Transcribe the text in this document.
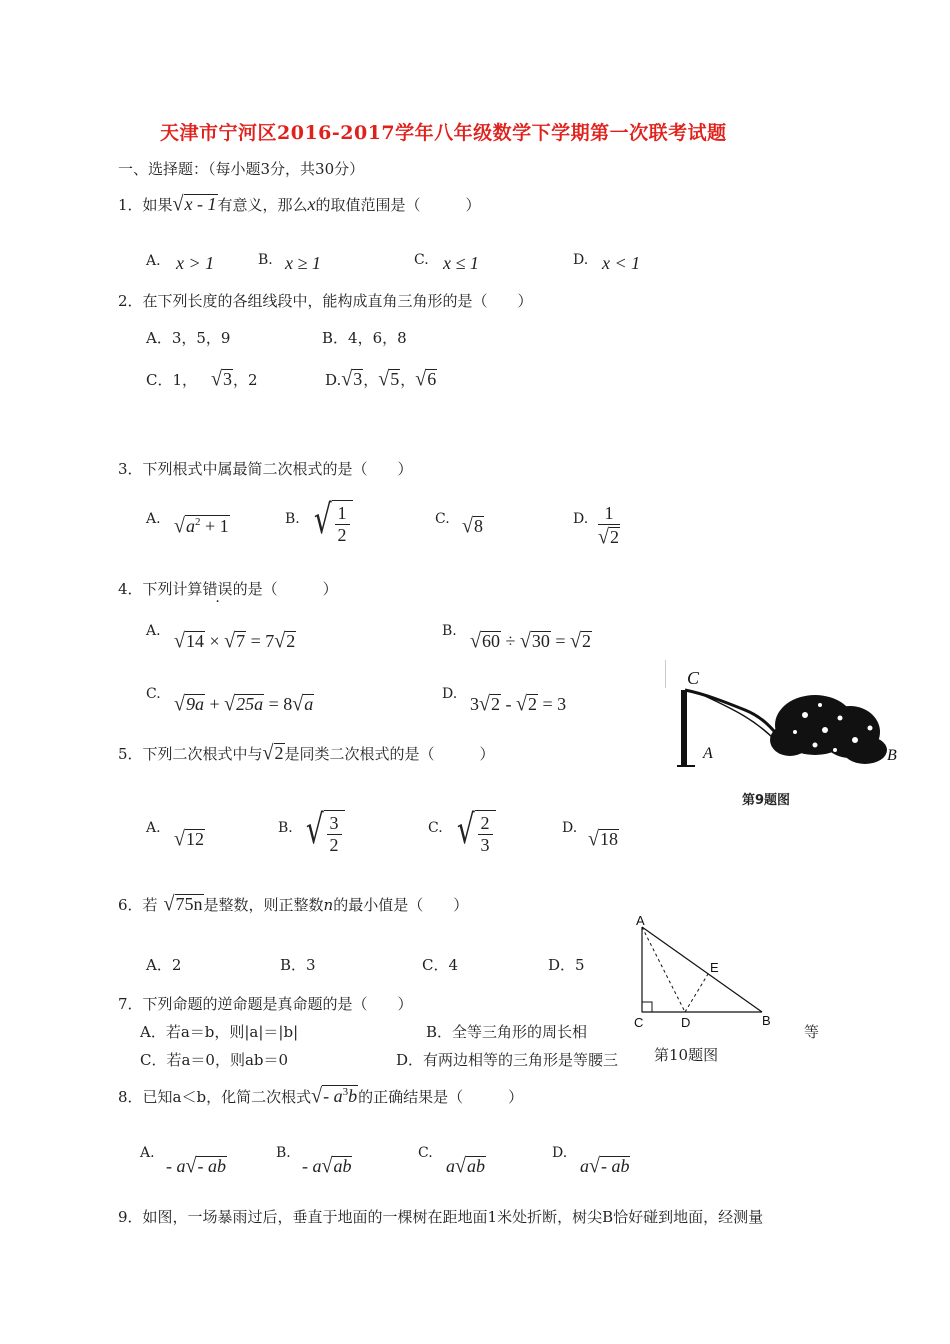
天津市宁河区2016-2017学年八年级数学下学期第一次联考试题
一、选择题：（每小题3分，共30分）
1．如果√x - 1有意义，那么x的取值范围是（　　　）
A. x > 1	B. x ≥ 1	C. x ≤ 1	D. x < 1
2．在下列长度的各组线段中，能构成直角三角形的是（　　）
A．3，5，9	B．4，6，8
C．1， √3，2	D.√3，√5，√6
3．下列根式中属最简二次根式的是（　　）
A. $√a^2 + 1$	B. √ $\frac{1}{2}$	C. √8	D. $\frac{1}{√2}$
4．下列计算错误的是（　　　）
A. √14 × √7 = 7√2	B. √60 ÷ √30 = √2
C. √9a + √25a = 8√a	D. 3√2 - √2 = 3
C
A	B
第9题图
5．下列二次根式中与√2是同类二次根式的是（　　　）
A. √12
B. √ $\frac{3}{2}$	C. √ $\frac{2}{3}$	D. √18
6．若 √75n是整数，则正整数n的最小值是（　　）
A．2	B．3	C．4	D．5
A
E
C	D	B
7．下列命题的逆命题是真命题的是（　　）
A．若a＝b，则|a|＝|b|	B．全等三角形的周长相	等
C．若a＝0，则ab＝0	D．有两边相等的三角形是等腰三	第10题图
8．已知a＜b，化简二次根式√- $a^3b$的正确结果是（　　　）
A.
- a√- ab
B.
- a√ab
C.
a√ab
D.
a√- ab
9．如图，一场暴雨过后，垂直于地面的一棵树在距地面1米处折断，树尖B恰好碰到地面，经测量
